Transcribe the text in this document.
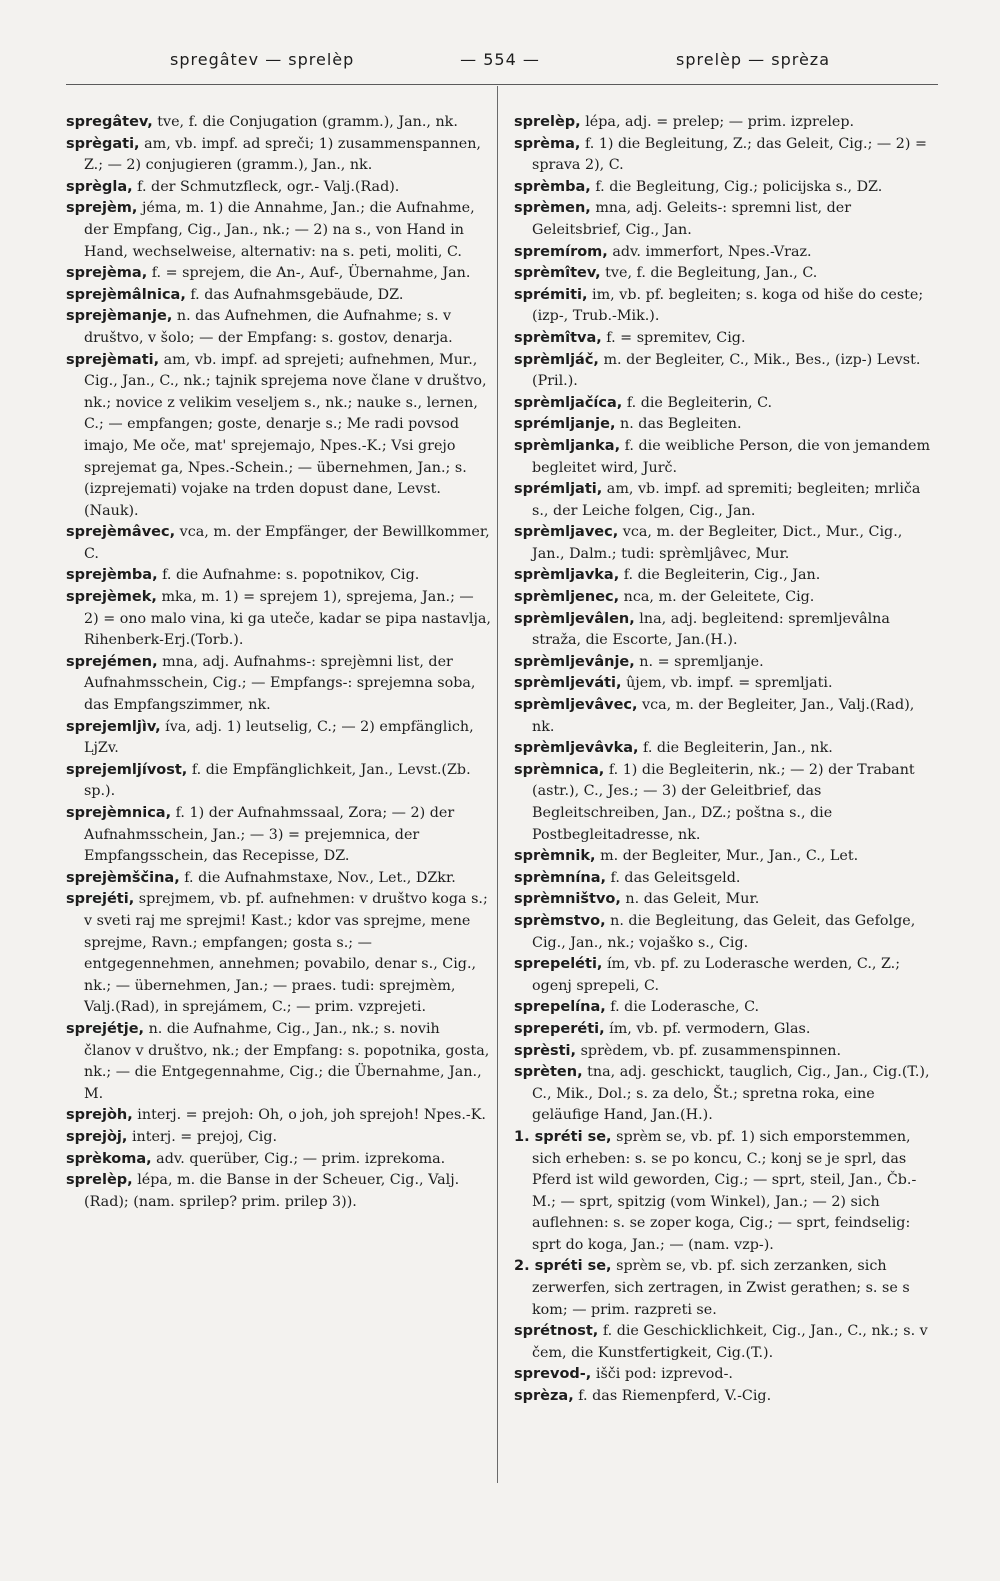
spregâtev — sprelèp	— 554 —	sprelèp — sprèza
spregâtev, tve, f. die Conjugation (gramm.), Jan., nk.
sprègati, am, vb. impf. ad spreči; 1) zusammenspannen, Z.; — 2) conjugieren (gramm.), Jan., nk.
sprègla, f. der Schmutzfleck, ogr.- Valj.(Rad).
sprejèm, jéma, m. 1) die Annahme, Jan.; die Aufnahme, der Empfang, Cig., Jan., nk.; — 2) na s., von Hand in Hand, wechselweise, alternativ: na s. peti, moliti, C.
sprejèma, f. = sprejem, die An-, Auf-, Übernahme, Jan.
sprejèmâlnica, f. das Aufnahmsgebäude, DZ.
sprejèmanje, n. das Aufnehmen, die Aufnahme; s. v društvo, v šolo; — der Empfang: s. gostov, denarja.
sprejèmati, am, vb. impf. ad sprejeti; aufnehmen, Mur., Cig., Jan., C., nk.; tajnik sprejema nove člane v društvo, nk.; novice z velikim veseljem s., nk.; nauke s., lernen, C.; — empfangen; goste, denarje s.; Me radi povsod imajo, Me oče, mat' sprejemajo, Npes.-K.; Vsi grejo sprejemat ga, Npes.-Schein.; — übernehmen, Jan.; s. (izprejemati) vojake na trden dopust dane, Levst.(Nauk).
sprejèmâvec, vca, m. der Empfänger, der Bewillkommer, C.
sprejèmba, f. die Aufnahme: s. popotnikov, Cig.
sprejèmek, mka, m. 1) = sprejem 1), sprejema, Jan.; — 2) = ono malo vina, ki ga uteče, kadar se pipa nastavlja, Rihenberk-Erj.(Torb.).
sprejémen, mna, adj. Aufnahms-: sprejèmni list, der Aufnahmsschein, Cig.; — Empfangs-: sprejemna soba, das Empfangszimmer, nk.
sprejemljìv, íva, adj. 1) leutselig, C.; — 2) empfänglich, LjZv.
sprejemljívost, f. die Empfänglichkeit, Jan., Levst.(Zb. sp.).
sprejèmnica, f. 1) der Aufnahmssaal, Zora; — 2) der Aufnahmsschein, Jan.; — 3) = prejemnica, der Empfangsschein, das Recepisse, DZ.
sprejèmščina, f. die Aufnahmstaxe, Nov., Let., DZkr.
sprejéti, sprejmem, vb. pf. aufnehmen: v društvo koga s.; v sveti raj me sprejmi! Kast.; kdor vas sprejme, mene sprejme, Ravn.; empfangen; gosta s.; — entgegennehmen, annehmen; povabilo, denar s., Cig., nk.; — übernehmen, Jan.; — praes. tudi: sprejmèm, Valj.(Rad), in sprejámem, C.; — prim. vzprejeti.
sprejétje, n. die Aufnahme, Cig., Jan., nk.; s. novih članov v društvo, nk.; der Empfang: s. popotnika, gosta, nk.; — die Entgegennahme, Cig.; die Übernahme, Jan., M.
sprejòh, interj. = prejoh: Oh, o joh, joh sprejoh! Npes.-K.
sprejòj, interj. = prejoj, Cig.
sprèkoma, adv. querüber, Cig.; — prim. izprekoma.
sprelèp, lépa, m. die Banse in der Scheuer, Cig., Valj.(Rad); (nam. sprilep? prim. prilep 3)).
sprelèp, lépa, adj. = prelep; — prim. izprelep.
sprèma, f. 1) die Begleitung, Z.; das Geleit, Cig.; — 2) = sprava 2), C.
sprèmba, f. die Begleitung, Cig.; policijska s., DZ.
sprèmen, mna, adj. Geleits-: spremni list, der Geleitsbrief, Cig., Jan.
spremírom, adv. immerfort, Npes.-Vraz.
sprèmîtev, tve, f. die Begleitung, Jan., C.
sprémiti, im, vb. pf. begleiten; s. koga od hiše do ceste; (izp-, Trub.-Mik.).
sprèmîtva, f. = spremitev, Cig.
sprèmljáč, m. der Begleiter, C., Mik., Bes., (izp-) Levst.(Pril.).
sprèmljačíca, f. die Begleiterin, C.
sprémljanje, n. das Begleiten.
sprèmljanka, f. die weibliche Person, die von jemandem begleitet wird, Jurč.
sprémljati, am, vb. impf. ad spremiti; begleiten; mrliča s., der Leiche folgen, Cig., Jan.
sprèmljavec, vca, m. der Begleiter, Dict., Mur., Cig., Jan., Dalm.; tudi: sprèmljâvec, Mur.
sprèmljavka, f. die Begleiterin, Cig., Jan.
sprèmljenec, nca, m. der Geleitete, Cig.
sprèmljevâlen, lna, adj. begleitend: spremljevâlna straža, die Escorte, Jan.(H.).
sprèmljevânje, n. = spremljanje.
sprèmljeváti, ûjem, vb. impf. = spremljati.
sprèmljevâvec, vca, m. der Begleiter, Jan., Valj.(Rad), nk.
sprèmljevâvka, f. die Begleiterin, Jan., nk.
sprèmnica, f. 1) die Begleiterin, nk.; — 2) der Trabant (astr.), C., Jes.; — 3) der Geleitbrief, das Begleitschreiben, Jan., DZ.; poštna s., die Postbegleitadresse, nk.
sprèmnik, m. der Begleiter, Mur., Jan., C., Let.
sprèmnína, f. das Geleitsgeld.
sprèmništvo, n. das Geleit, Mur.
sprèmstvo, n. die Begleitung, das Geleit, das Gefolge, Cig., Jan., nk.; vojaško s., Cig.
sprepeléti, ím, vb. pf. zu Loderasche werden, C., Z.; ogenj sprepeli, C.
sprepelína, f. die Loderasche, C.
spreperéti, ím, vb. pf. vermodern, Glas.
sprèsti, sprèdem, vb. pf. zusammenspinnen.
sprèten, tna, adj. geschickt, tauglich, Cig., Jan., Cig.(T.), C., Mik., Dol.; s. za delo, Št.; spretna roka, eine geläufige Hand, Jan.(H.).
1. spréti se, sprèm se, vb. pf. 1) sich emporstemmen, sich erheben: s. se po koncu, C.; konj se je sprl, das Pferd ist wild geworden, Cig.; — sprt, steil, Jan., Čb.-M.; — sprt, spitzig (vom Winkel), Jan.; — 2) sich auflehnen: s. se zoper koga, Cig.; — sprt, feindselig: sprt do koga, Jan.; — (nam. vzp-).
2. spréti se, sprèm se, vb. pf. sich zerzanken, sich zerwerfen, sich zertragen, in Zwist gerathen; s. se s kom; — prim. razpreti se.
sprétnost, f. die Geschicklichkeit, Cig., Jan., C., nk.; s. v čem, die Kunstfertigkeit, Cig.(T.).
sprevod-, išči pod: izprevod-.
sprèza, f. das Riemenpferd, V.-Cig.
